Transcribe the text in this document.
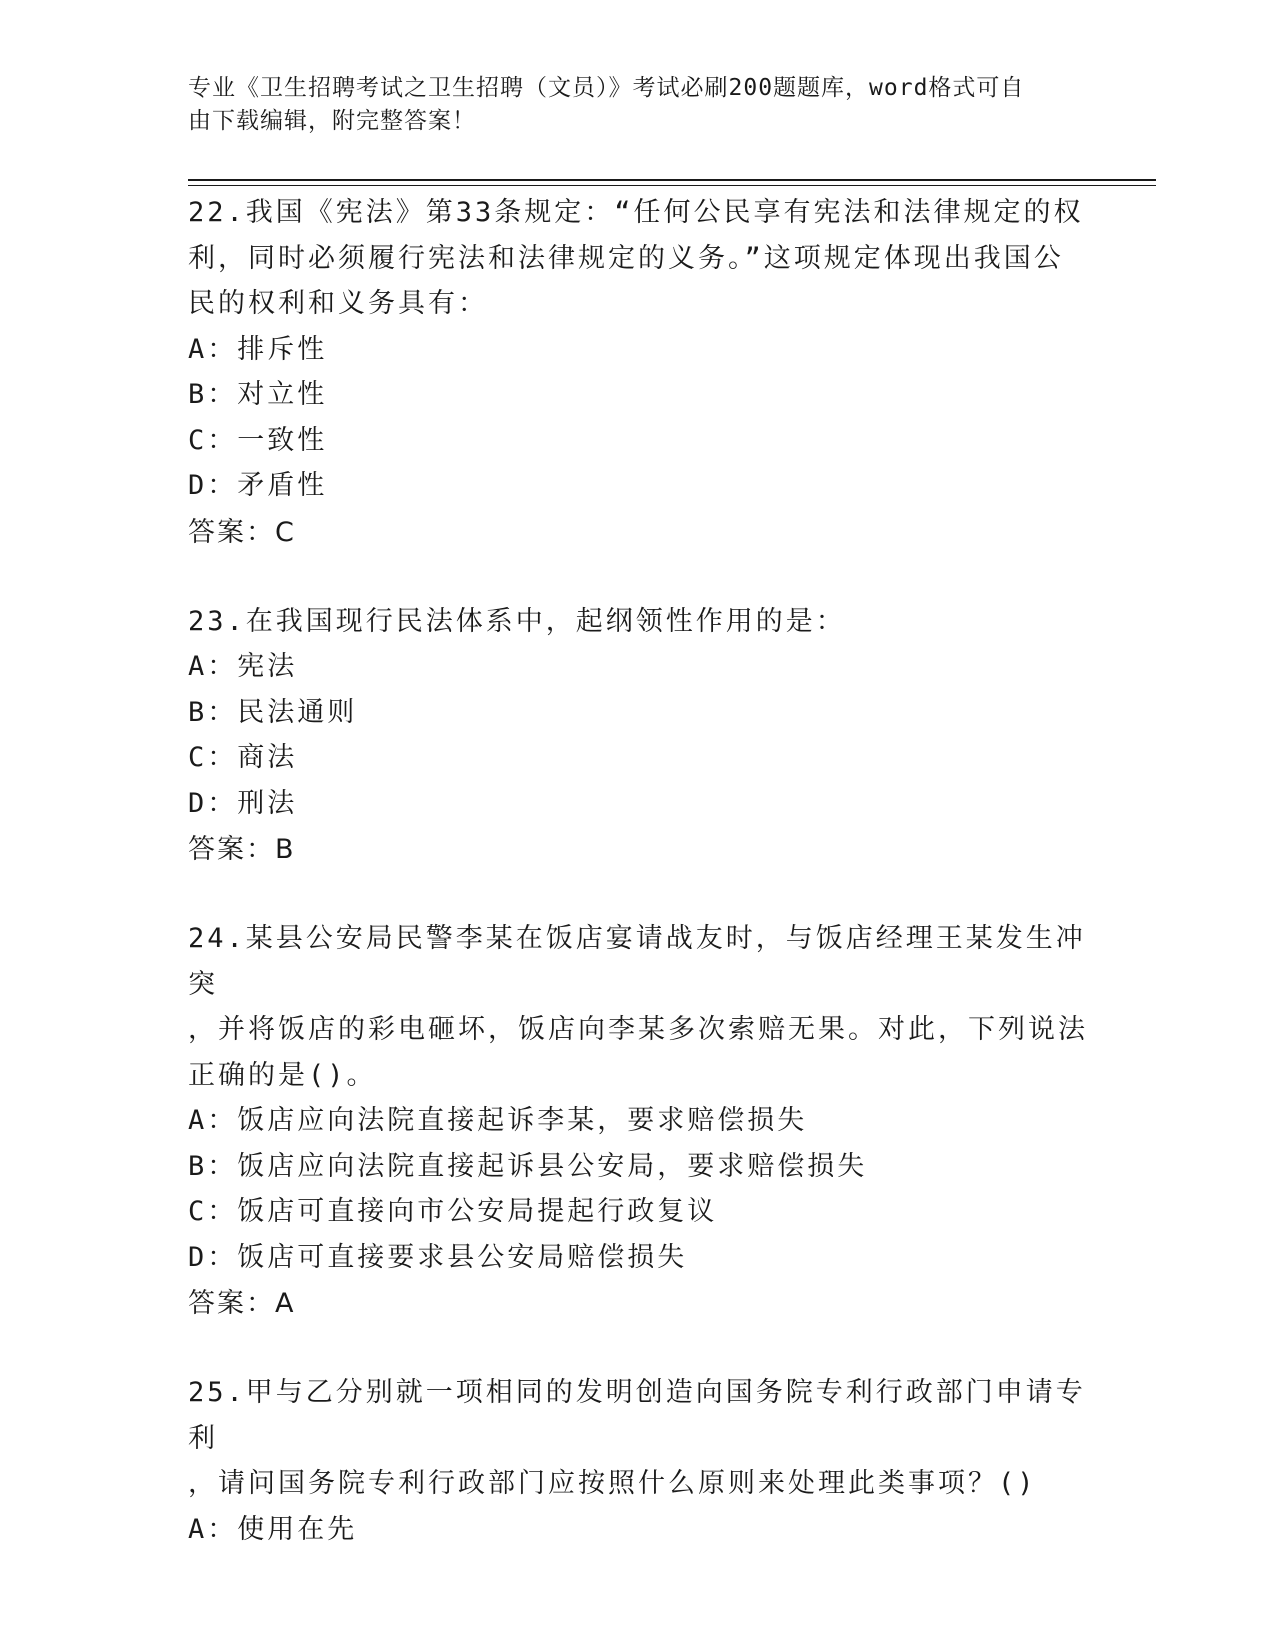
专业《卫生招聘考试之卫生招聘（文员）》考试必刷200题题库，word格式可自
由下载编辑，附完整答案！
22.我国《宪法》第33条规定：“任何公民享有宪法和法律规定的权
利，同时必须履行宪法和法律规定的义务。”这项规定体现出我国公
民的权利和义务具有：
A：排斥性
B：对立性
C：一致性
D：矛盾性
答案：C
23.在我国现行民法体系中，起纲领性作用的是：
A：宪法
B：民法通则
C：商法
D：刑法
答案：B
24.某县公安局民警李某在饭店宴请战友时，与饭店经理王某发生冲突
，并将饭店的彩电砸坏，饭店向李某多次索赔无果。对此，下列说法
正确的是()。
A：饭店应向法院直接起诉李某，要求赔偿损失
B：饭店应向法院直接起诉县公安局，要求赔偿损失
C：饭店可直接向市公安局提起行政复议
D：饭店可直接要求县公安局赔偿损失
答案：A
25.甲与乙分别就一项相同的发明创造向国务院专利行政部门申请专利
，请问国务院专利行政部门应按照什么原则来处理此类事项？()
A：使用在先
